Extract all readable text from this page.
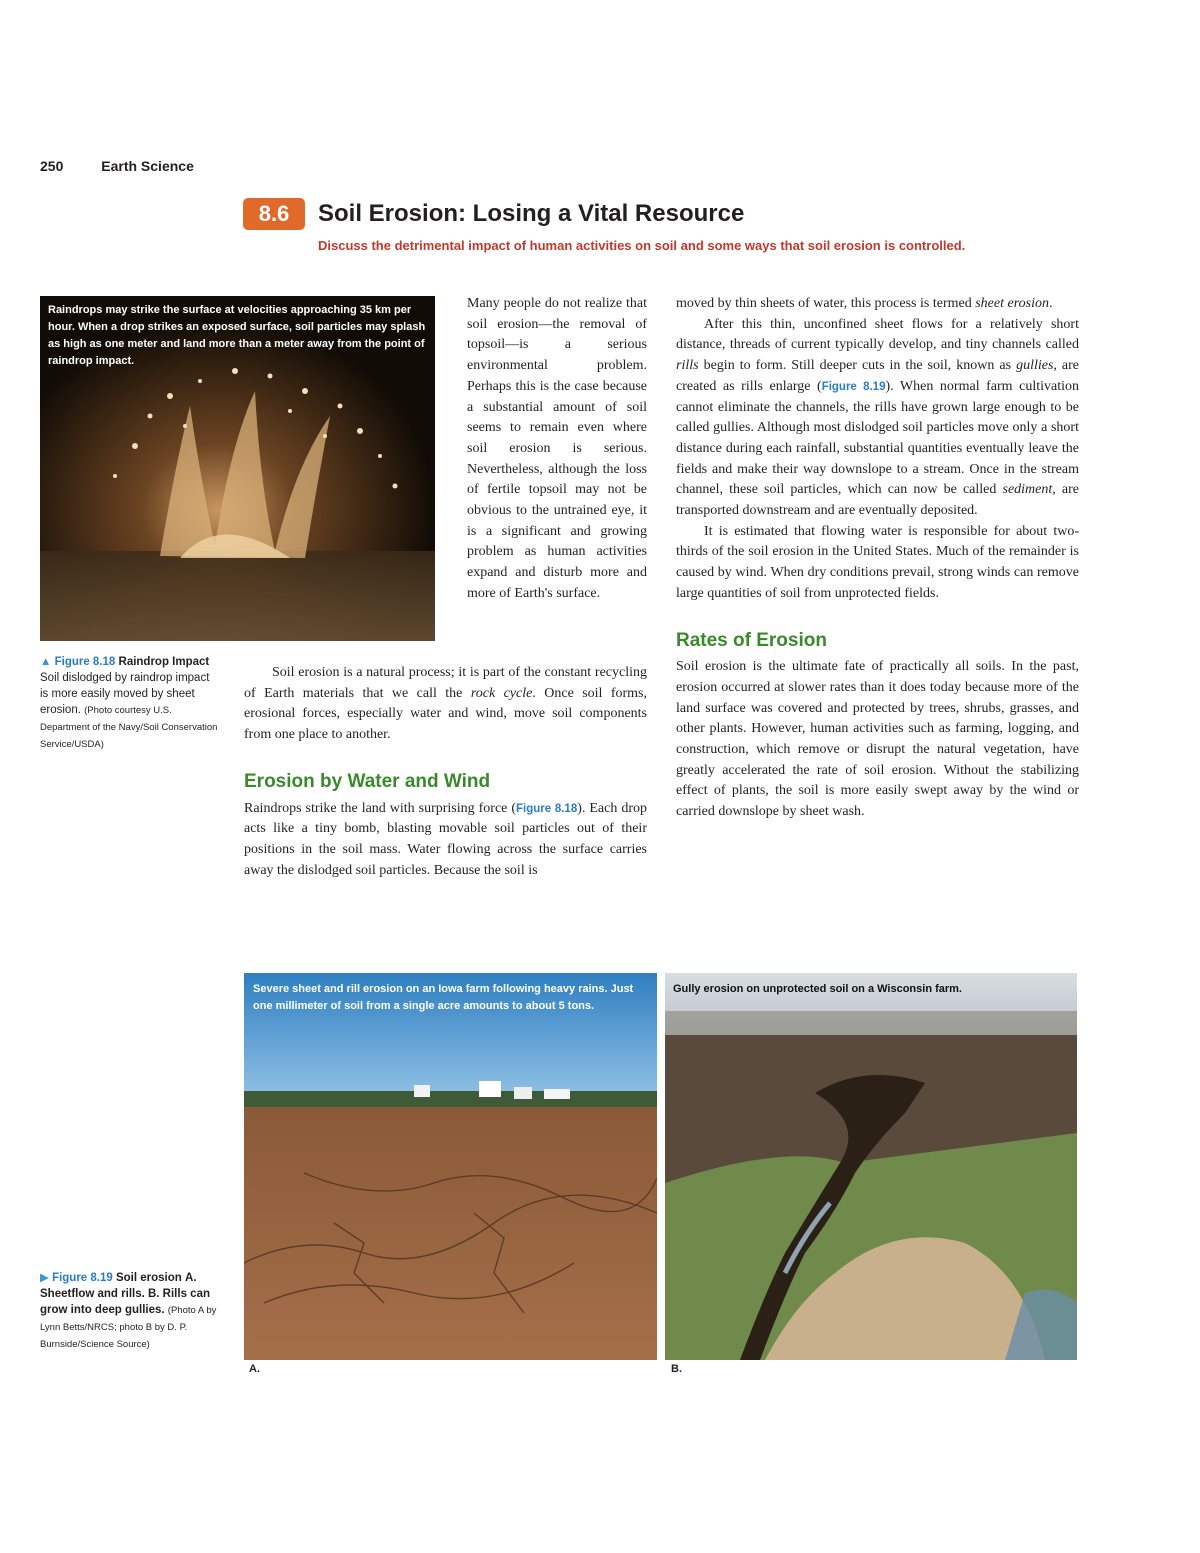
250	Earth Science
8.6	Soil Erosion: Losing a Vital Resource
Discuss the detrimental impact of human activities on soil and some ways that soil erosion is controlled.
Raindrops may strike the surface at velocities approaching 35 km per hour. When a drop strikes an exposed surface, soil particles may splash as high as one meter and land more than a meter away from the point of raindrop impact.
▲ Figure 8.18 Raindrop Impact Soil dislodged by raindrop impact is more easily moved by sheet erosion. (Photo courtesy U.S. Department of the Navy/Soil Conservation Service/USDA)

Many people do not realize that soil erosion—the removal of topsoil—is a serious environmental problem. Perhaps this is the case because a substantial amount of soil seems to remain even where soil erosion is serious. Nevertheless, although the loss of fertile topsoil may not be obvious to the untrained eye, it is a significant and growing problem as human activities expand and disturb more and more of Earth's surface.

Soil erosion is a natural process; it is part of the constant recycling of Earth materials that we call the rock cycle. Once soil forms, erosional forces, especially water and wind, move soil components from one place to another.

Erosion by Water and Wind

Raindrops strike the land with surprising force (Figure 8.18). Each drop acts like a tiny bomb, blasting movable soil particles out of their positions in the soil mass. Water flowing across the surface carries away the dislodged soil particles. Because the soil is

moved by thin sheets of water, this process is termed sheet erosion.

After this thin, unconfined sheet flows for a relatively short distance, threads of current typically develop, and tiny channels called rills begin to form. Still deeper cuts in the soil, known as gullies, are created as rills enlarge (Figure 8.19). When normal farm cultivation cannot eliminate the channels, the rills have grown large enough to be called gullies. Although most dislodged soil particles move only a short distance during each rainfall, substantial quantities eventually leave the fields and make their way downslope to a stream. Once in the stream channel, these soil particles, which can now be called sediment, are transported downstream and are eventually deposited.

It is estimated that flowing water is responsible for about two-thirds of the soil erosion in the United States. Much of the remainder is caused by wind. When dry conditions prevail, strong winds can remove large quantities of soil from unprotected fields.

Rates of Erosion

Soil erosion is the ultimate fate of practically all soils. In the past, erosion occurred at slower rates than it does today because more of the land surface was covered and protected by trees, shrubs, grasses, and other plants. However, human activities such as farming, logging, and construction, which remove or disrupt the natural vegetation, have greatly accelerated the rate of soil erosion. Without the stabilizing effect of plants, the soil is more easily swept away by the wind or carried downslope by sheet wash.

Severe sheet and rill erosion on an Iowa farm following heavy rains. Just one millimeter of soil from a single acre amounts to about 5 tons.
A.
Gully erosion on unprotected soil on a Wisconsin farm.
B.
▶ Figure 8.19 Soil erosion A. Sheetflow and rills. B. Rills can grow into deep gullies. (Photo A by Lynn Betts/NRCS; photo B by D. P. Burnside/Science Source)
